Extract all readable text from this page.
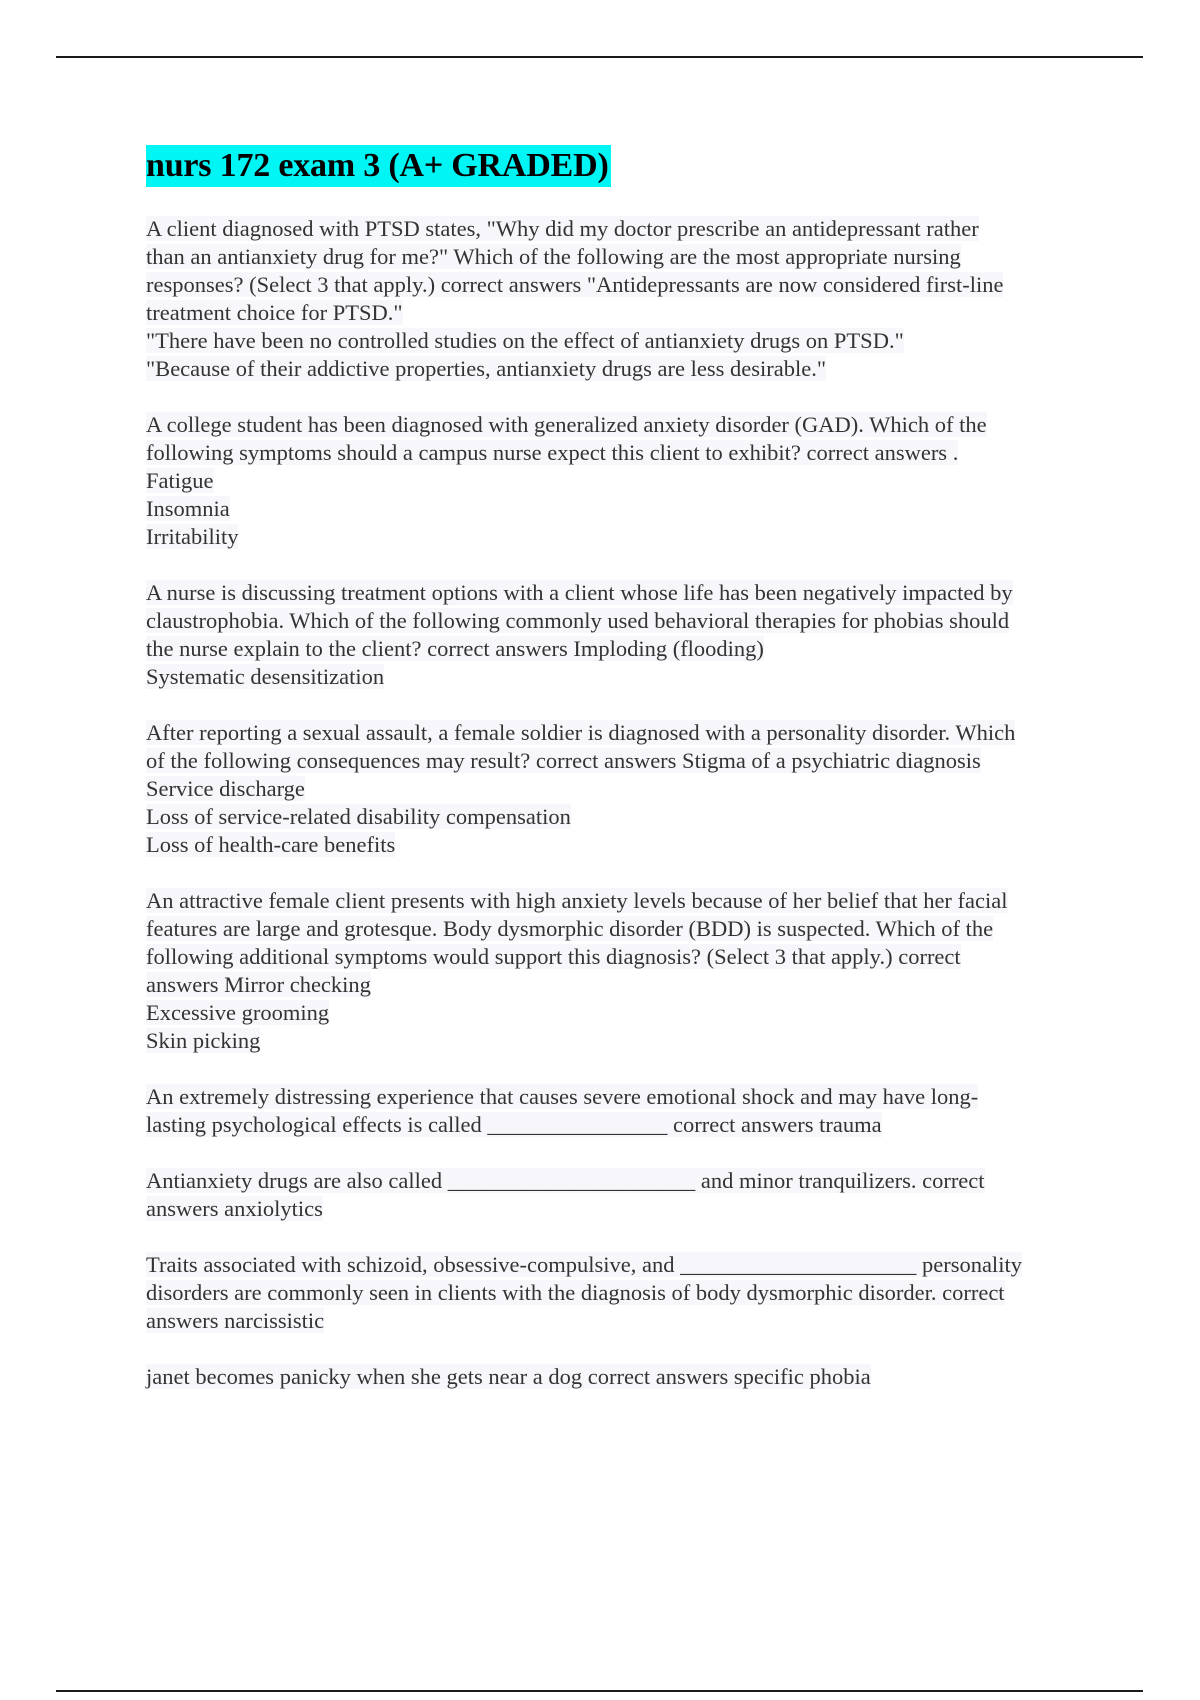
nurs 172 exam 3 (A+ GRADED)
A client diagnosed with PTSD states, "Why did my doctor prescribe an antidepressant rather
than an antianxiety drug for me?" Which of the following are the most appropriate nursing
responses? (Select 3 that apply.) correct answers "Antidepressants are now considered first-line
treatment choice for PTSD."
"There have been no controlled studies on the effect of antianxiety drugs on PTSD."
"Because of their addictive properties, antianxiety drugs are less desirable."
A college student has been diagnosed with generalized anxiety disorder (GAD). Which of the
following symptoms should a campus nurse expect this client to exhibit? correct answers .
Fatigue
Insomnia
Irritability
A nurse is discussing treatment options with a client whose life has been negatively impacted by
claustrophobia. Which of the following commonly used behavioral therapies for phobias should
the nurse explain to the client? correct answers Imploding (flooding)
Systematic desensitization
After reporting a sexual assault, a female soldier is diagnosed with a personality disorder. Which
of the following consequences may result? correct answers Stigma of a psychiatric diagnosis
Service discharge
Loss of service-related disability compensation
Loss of health-care benefits
An attractive female client presents with high anxiety levels because of her belief that her facial
features are large and grotesque. Body dysmorphic disorder (BDD) is suspected. Which of the
following additional symptoms would support this diagnosis? (Select 3 that apply.) correct
answers Mirror checking
Excessive grooming
Skin picking
An extremely distressing experience that causes severe emotional shock and may have long-
lasting psychological effects is called ________________ correct answers trauma
Antianxiety drugs are also called ______________________ and minor tranquilizers. correct
answers anxiolytics
Traits associated with schizoid, obsessive-compulsive, and _____________________ personality
disorders are commonly seen in clients with the diagnosis of body dysmorphic disorder. correct
answers narcissistic
janet becomes panicky when she gets near a dog correct answers specific phobia
